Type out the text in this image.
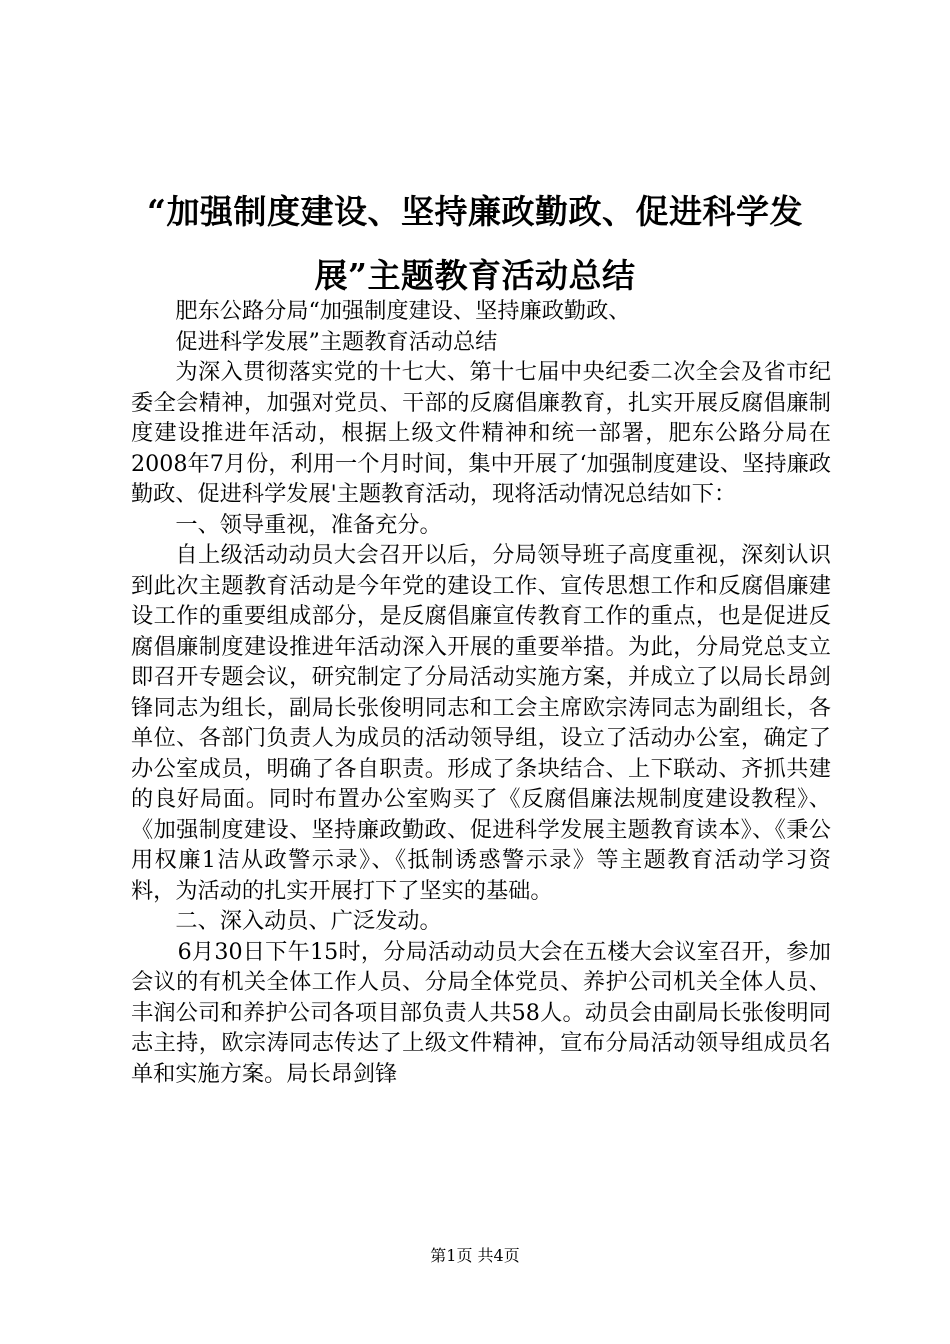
“加强制度建设、坚持廉政勤政、促进科学发展”主题教育活动总结

肥东公路分局“加强制度建设、坚持廉政勤政、

促进科学发展”主题教育活动总结

为深入贯彻落实党的十七大、第十七届中央纪委二次全会及省市纪委全会精神，加强对党员、干部的反腐倡廉教育，扎实开展反腐倡廉制度建设推进年活动，根据上级文件精神和统一部署，肥东公路分局在2008年7月份，利用一个月时间，集中开展了‘加强制度建设、坚持廉政勤政、促进科学发展'主题教育活动，现将活动情况总结如下：

一、领导重视，准备充分。

自上级活动动员大会召开以后，分局领导班子高度重视，深刻认识到此次主题教育活动是今年党的建设工作、宣传思想工作和反腐倡廉建设工作的重要组成部分，是反腐倡廉宣传教育工作的重点，也是促进反腐倡廉制度建设推进年活动深入开展的重要举措。为此，分局党总支立即召开专题会议，研究制定了分局活动实施方案，并成立了以局长昂剑锋同志为组长，副局长张俊明同志和工会主席欧宗涛同志为副组长，各单位、各部门负责人为成员的活动领导组，设立了活动办公室，确定了办公室成员，明确了各自职责。形成了条块结合、上下联动、齐抓共建的良好局面。同时布置办公室购买了《反腐倡廉法规制度建设教程》、《加强制度建设、坚持廉政勤政、促进科学发展主题教育读本》、《秉公用权廉1洁从政警示录》、《抵制诱惑警示录》等主题教育活动学习资料，为活动的扎实开展打下了坚实的基础。

二、深入动员、广泛发动。

6月30日下午15时，分局活动动员大会在五楼大会议室召开，参加会议的有机关全体工作人员、分局全体党员、养护公司机关全体人员、丰润公司和养护公司各项目部负责人共58人。动员会由副局长张俊明同志主持，欧宗涛同志传达了上级文件精神，宣布分局活动领导组成员名单和实施方案。局长昂剑锋

第1页 共4页
